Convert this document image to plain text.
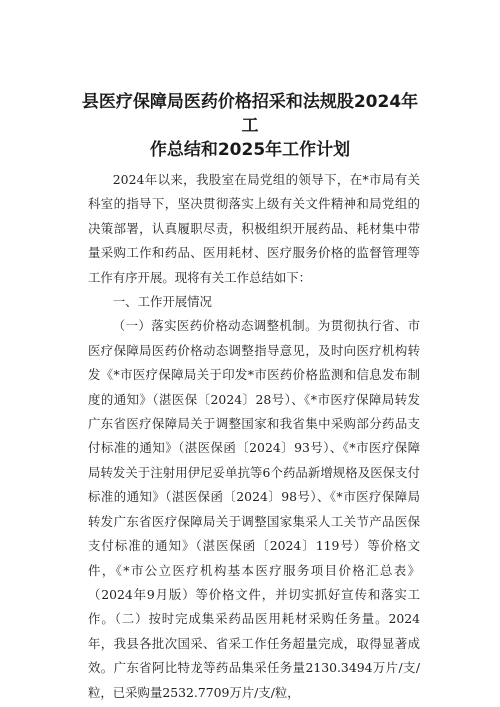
县医疗保障局医药价格招采和法规股2024年工
作总结和2025年工作计划

2024年以来，我股室在局党组的领导下，在*市局有关科室的指导下，坚决贯彻落实上级有关文件精神和局党组的决策部署，认真履职尽责，积极组织开展药品、耗材集中带量采购工作和药品、医用耗材、医疗服务价格的监督管理等工作有序开展。现将有关工作总结如下：

一、工作开展情况

（一）落实医药价格动态调整机制。为贯彻执行省、市医疗保障局医药价格动态调整指导意见，及时向医疗机构转发《*市医疗保障局关于印发*市医药价格监测和信息发布制度的通知》（湛医保〔2024〕28号）、《*市医疗保障局转发广东省医疗保障局关于调整国家和我省集中采购部分药品支付标准的通知》（湛医保函〔2024〕93号）、《*市医疗保障局转发关于注射用伊尼妥单抗等6个药品新增规格及医保支付标准的通知》（湛医保函〔2024〕98号）、《*市医疗保障局转发广东省医疗保障局关于调整国家集采人工关节产品医保支付标准的通知》（湛医保函〔2024〕119号）等价格文件，《*市公立医疗机构基本医疗服务项目价格汇总表》（2024年9月版）等价格文件，并切实抓好宣传和落实工作。（二）按时完成集采药品医用耗材采购任务量。2024年，我县各批次国采、省采工作任务超量完成，取得显著成效。广东省阿比特龙等药品集采任务量2130.3494万片/支/粒，已采购量2532.7709万片/支/粒，
